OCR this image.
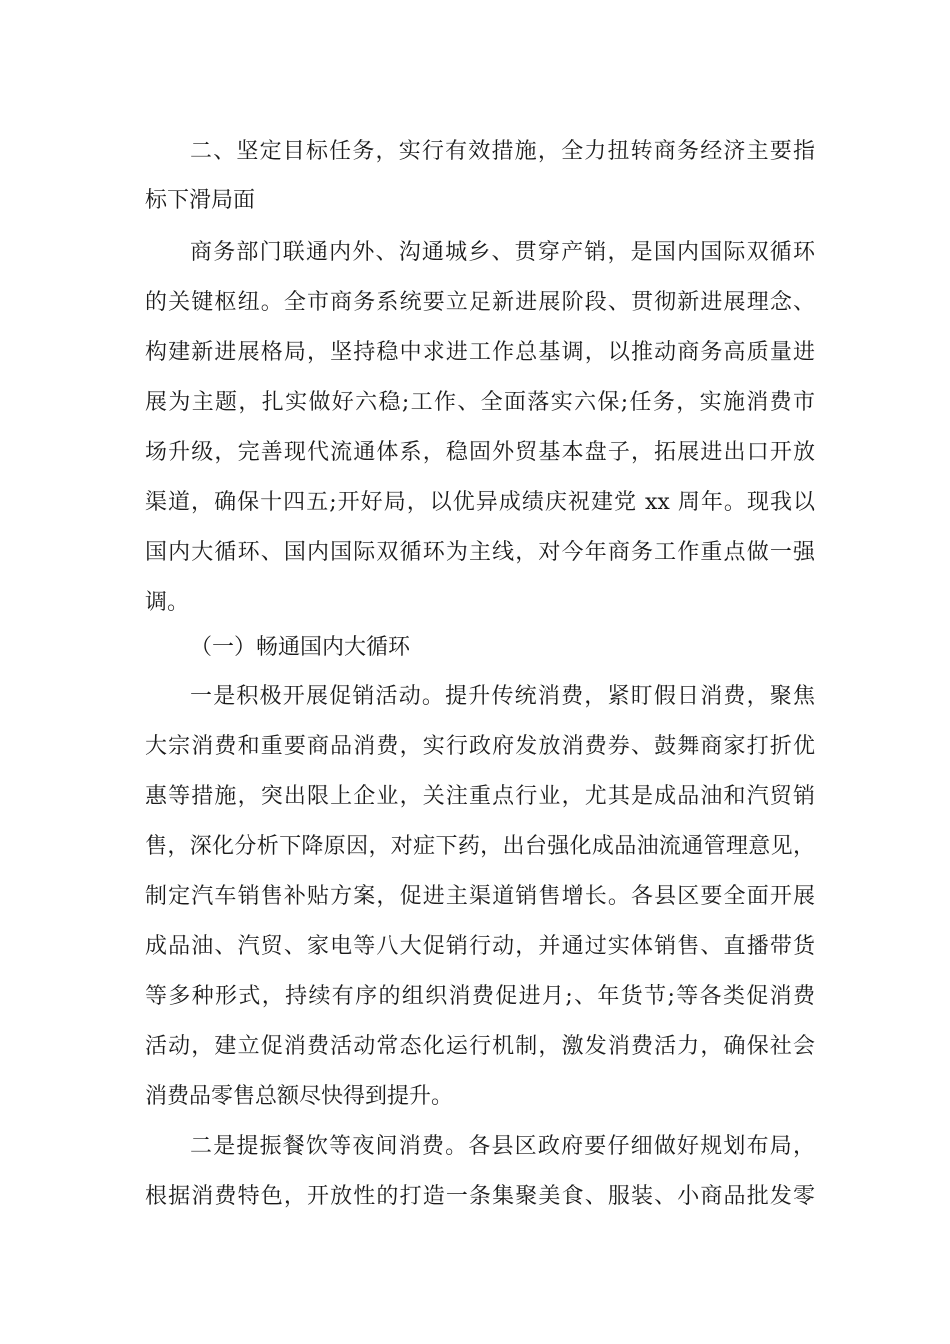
二、坚定目标任务，实行有效措施，全力扭转商务经济主要指
标下滑局面
商务部门联通内外、沟通城乡、贯穿产销，是国内国际双循环
的关键枢纽。全市商务系统要立足新进展阶段、贯彻新进展理念、
构建新进展格局，坚持稳中求进工作总基调，以推动商务高质量进
展为主题，扎实做好六稳;工作、全面落实六保;任务，实施消费市
场升级，完善现代流通体系，稳固外贸基本盘子，拓展进出口开放
渠道，确保十四五;开好局，以优异成绩庆祝建党 xx 周年。现我以
国内大循环、国内国际双循环为主线，对今年商务工作重点做一强
调。
（一）畅通国内大循环
一是积极开展促销活动。提升传统消费，紧盯假日消费，聚焦
大宗消费和重要商品消费，实行政府发放消费券、鼓舞商家打折优
惠等措施，突出限上企业，关注重点行业，尤其是成品油和汽贸销
售，深化分析下降原因，对症下药，出台强化成品油流通管理意见，
制定汽车销售补贴方案，促进主渠道销售增长。各县区要全面开展
成品油、汽贸、家电等八大促销行动，并通过实体销售、直播带货
等多种形式，持续有序的组织消费促进月;、年货节;等各类促消费
活动，建立促消费活动常态化运行机制，激发消费活力，确保社会
消费品零售总额尽快得到提升。
二是提振餐饮等夜间消费。各县区政府要仔细做好规划布局，
根据消费特色，开放性的打造一条集聚美食、服装、小商品批发零
